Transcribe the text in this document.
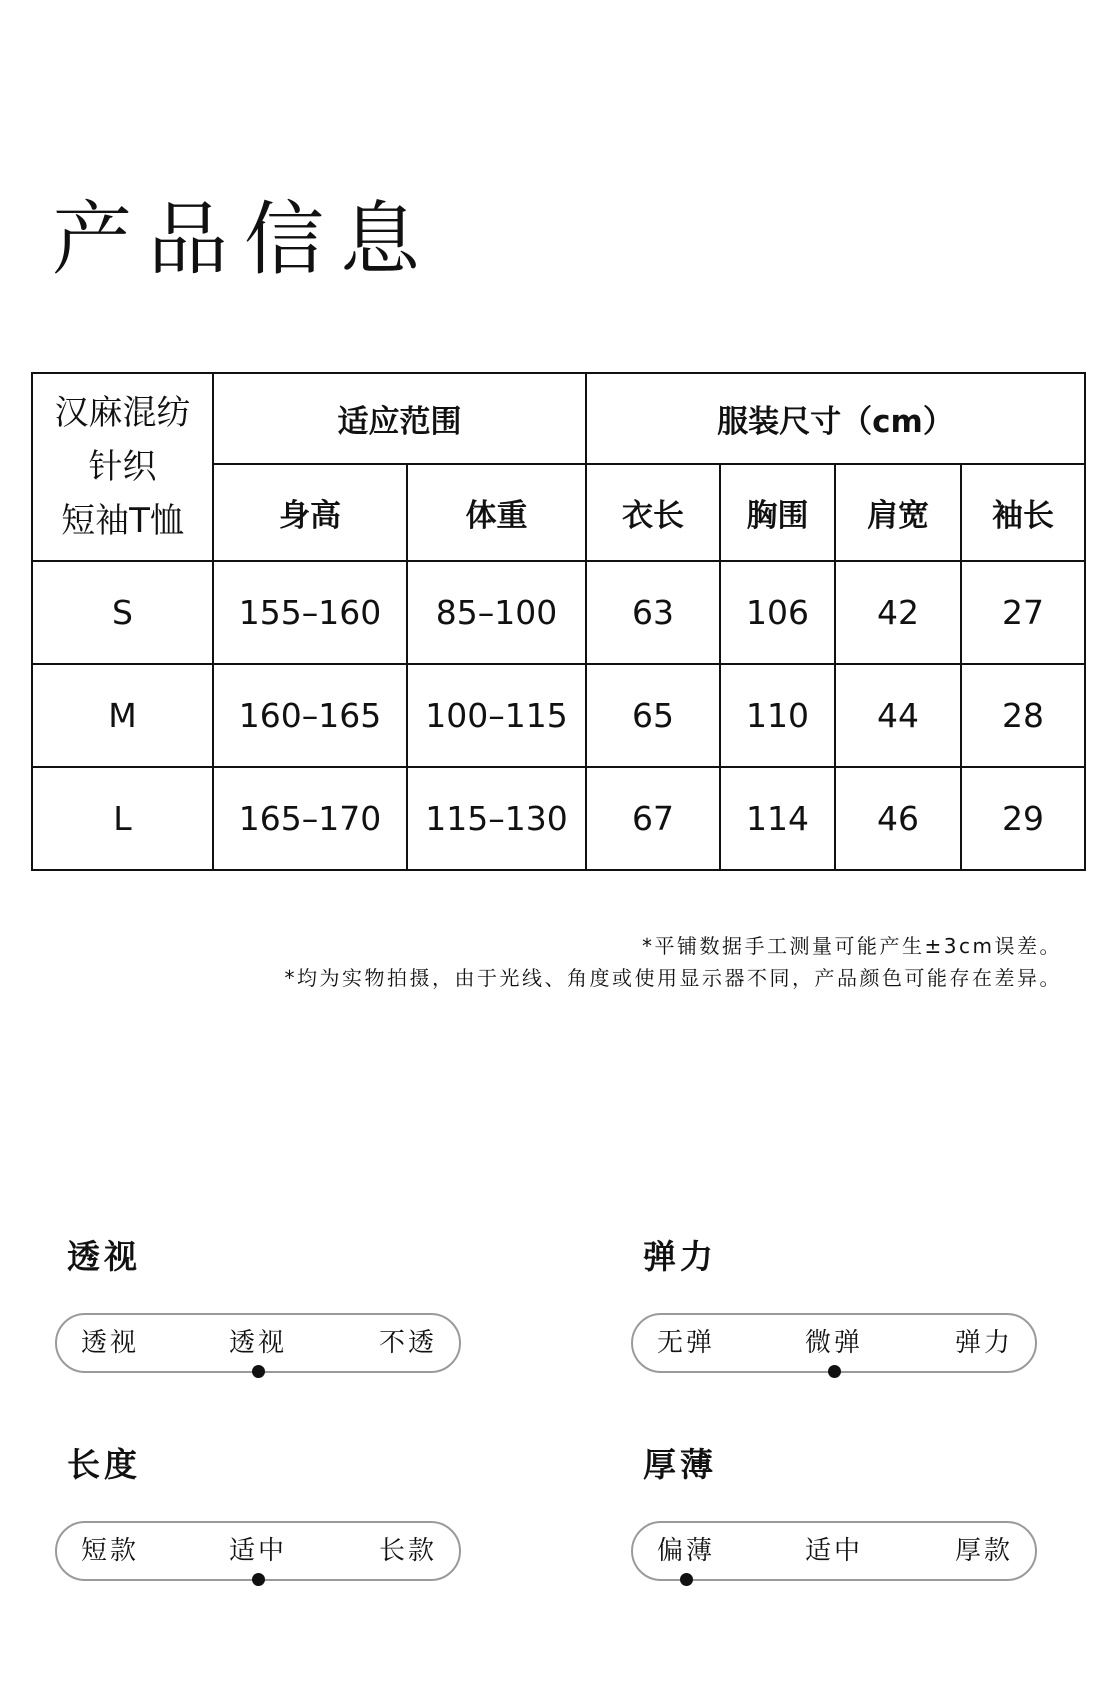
产品信息
汉麻混纺
针织
短袖T恤	适应范围		服装尺寸（cm）			
	身高	体重	衣长	胸围	肩宽	袖长
S	155–160	85–100	63	106	42	27
M	160–165	100–115	65	110	44	28
L	165–170	115–130	67	114	46	29
*平铺数据手工测量可能产生±3cm误差。
*均为实物拍摄，由于光线、角度或使用显示器不同，产品颜色可能存在差异。
透视
透视	透视	不透
弹力
无弹	微弹	弹力
长度
短款	适中	长款
厚薄
偏薄	适中	厚款
